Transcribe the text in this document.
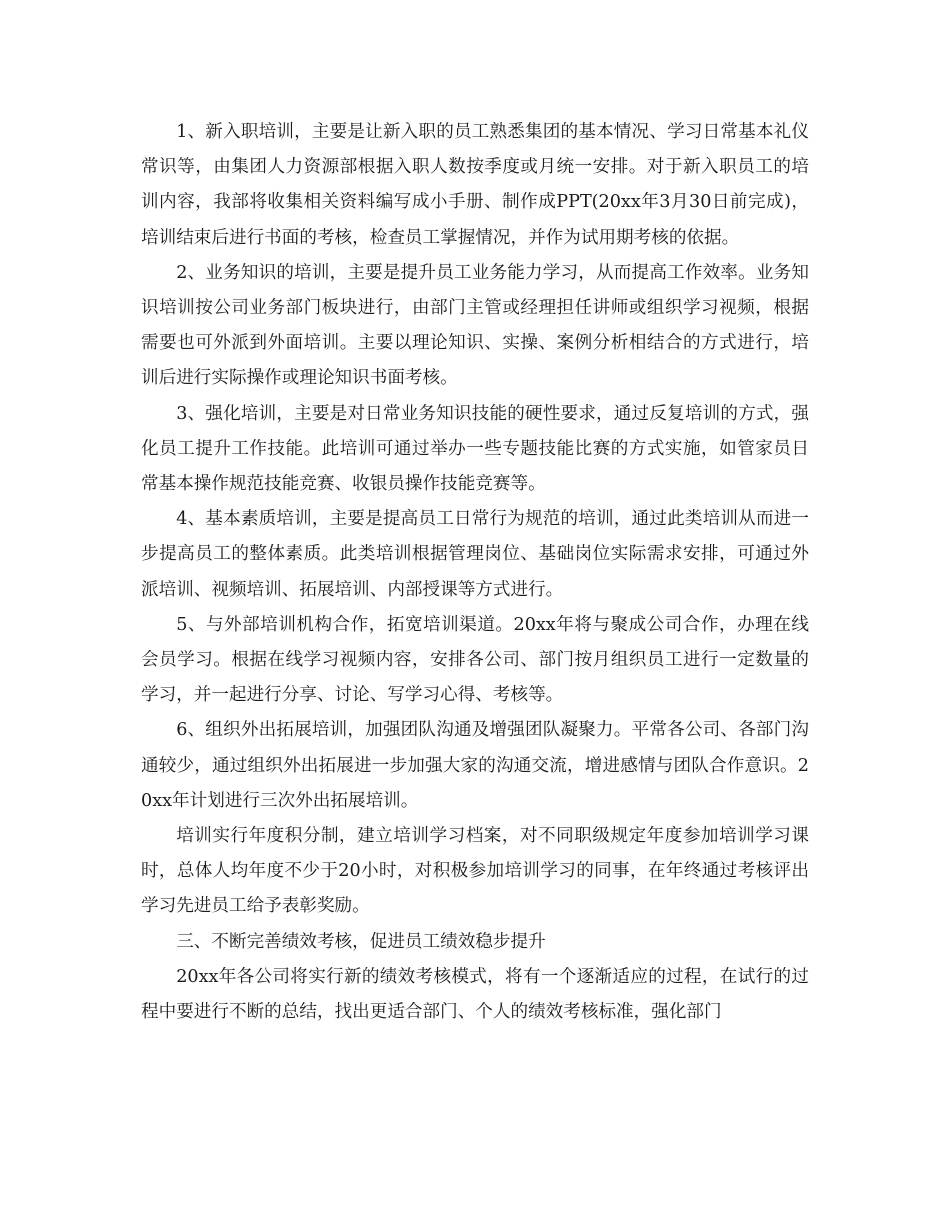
1、新入职培训，主要是让新入职的员工熟悉集团的基本情况、学习日常基本礼仪常识等，由集团人力资源部根据入职人数按季度或月统一安排。对于新入职员工的培训内容，我部将收集相关资料编写成小手册、制作成PPT(20xx年3月30日前完成)，培训结束后进行书面的考核，检查员工掌握情况，并作为试用期考核的依据。

2、业务知识的培训，主要是提升员工业务能力学习，从而提高工作效率。业务知识培训按公司业务部门板块进行，由部门主管或经理担任讲师或组织学习视频，根据需要也可外派到外面培训。主要以理论知识、实操、案例分析相结合的方式进行，培训后进行实际操作或理论知识书面考核。

3、强化培训，主要是对日常业务知识技能的硬性要求，通过反复培训的方式，强化员工提升工作技能。此培训可通过举办一些专题技能比赛的方式实施，如管家员日常基本操作规范技能竞赛、收银员操作技能竞赛等。

4、基本素质培训，主要是提高员工日常行为规范的培训，通过此类培训从而进一步提高员工的整体素质。此类培训根据管理岗位、基础岗位实际需求安排，可通过外派培训、视频培训、拓展培训、内部授课等方式进行。

5、与外部培训机构合作，拓宽培训渠道。20xx年将与聚成公司合作，办理在线会员学习。根据在线学习视频内容，安排各公司、部门按月组织员工进行一定数量的学习，并一起进行分享、讨论、写学习心得、考核等。

6、组织外出拓展培训，加强团队沟通及增强团队凝聚力。平常各公司、各部门沟通较少，通过组织外出拓展进一步加强大家的沟通交流，增进感情与团队合作意识。20xx年计划进行三次外出拓展培训。

培训实行年度积分制，建立培训学习档案，对不同职级规定年度参加培训学习课时，总体人均年度不少于20小时，对积极参加培训学习的同事，在年终通过考核评出学习先进员工给予表彰奖励。

三、不断完善绩效考核，促进员工绩效稳步提升

20xx年各公司将实行新的绩效考核模式，将有一个逐渐适应的过程，在试行的过程中要进行不断的总结，找出更适合部门、个人的绩效考核标准，强化部门
